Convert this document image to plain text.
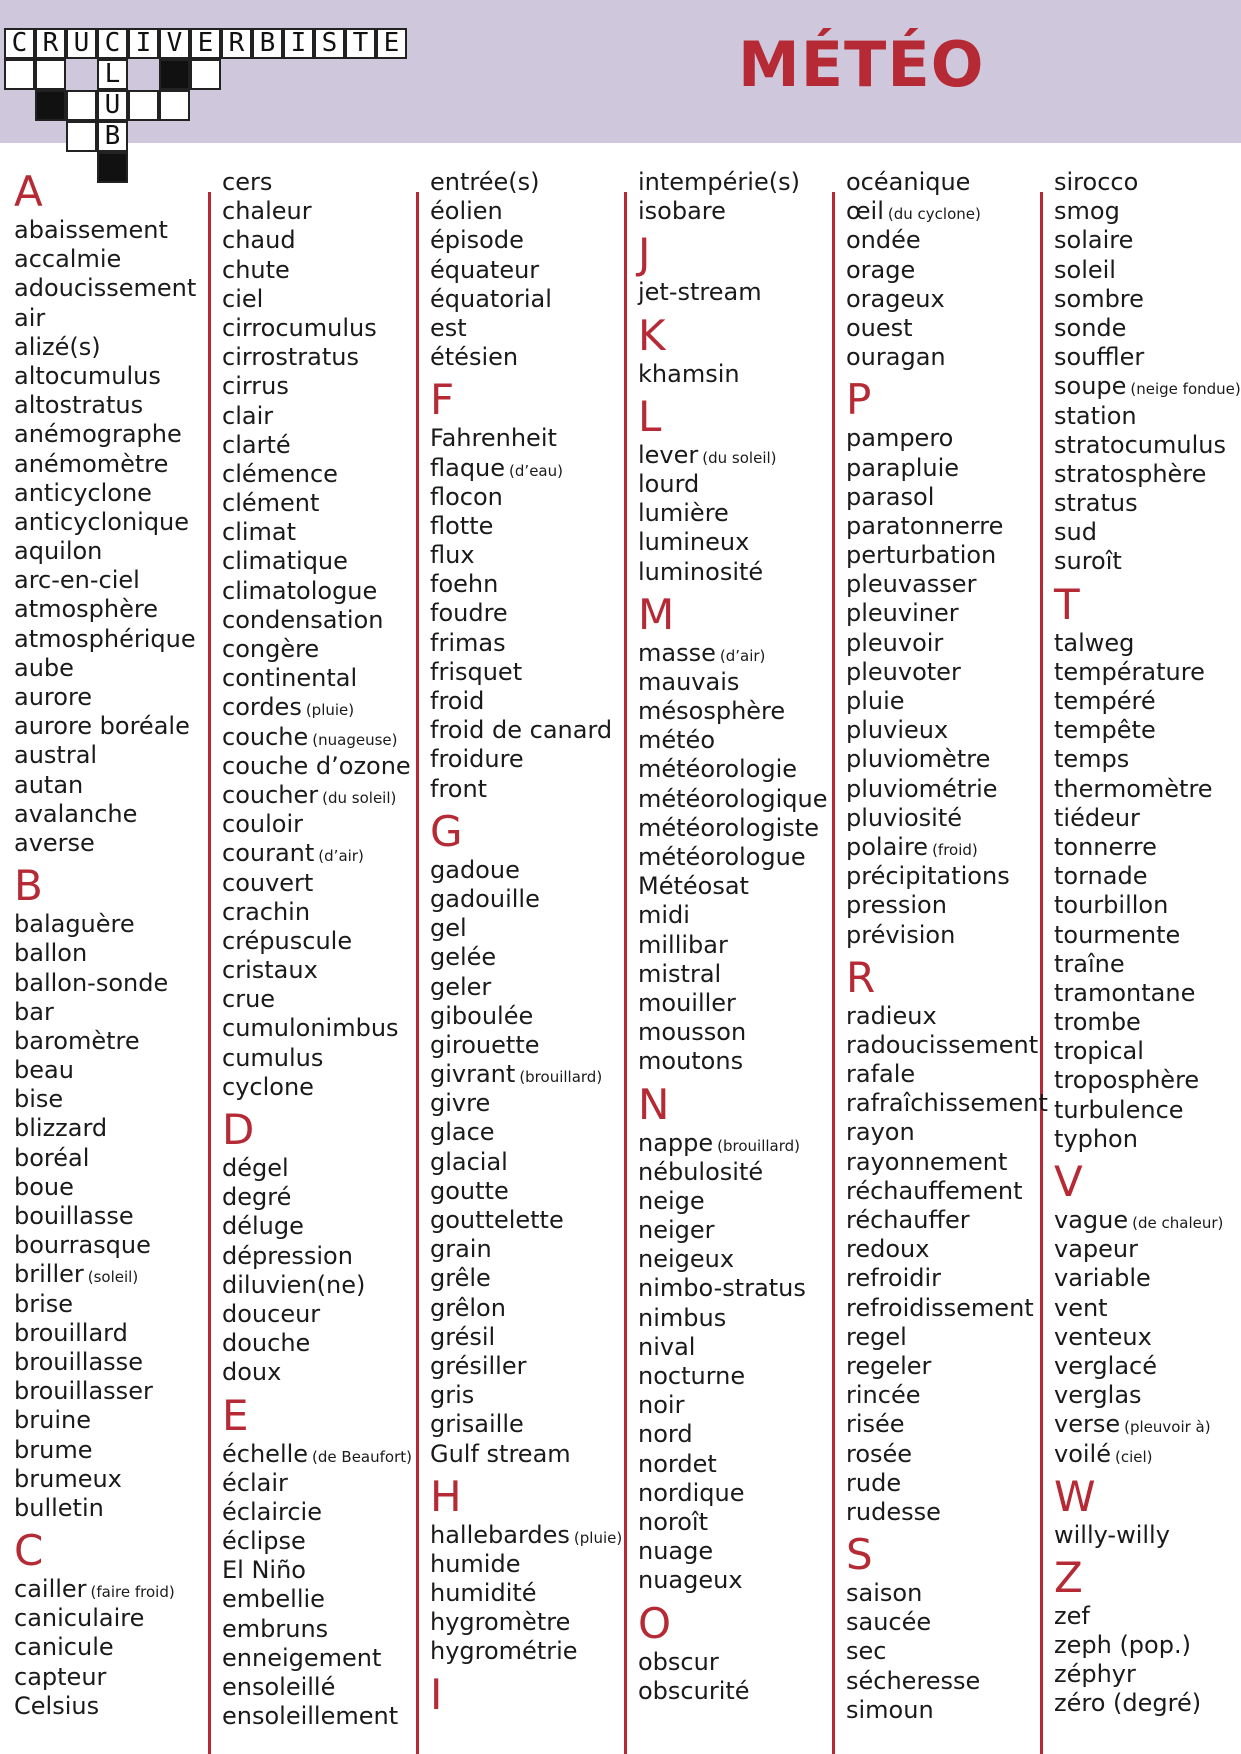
C R U C I V E R B I S T E
L
U
B
MÉTÉO
A
abaissement
accalmie
adoucissement
air
alizé(s)
altocumulus
altostratus
anémographe
anémomètre
anticyclone
anticyclonique
aquilon
arc-en-ciel
atmosphère
atmosphérique
aube
aurore
aurore boréale
austral
autan
avalanche
averse
B
balaguère
ballon
ballon-sonde
bar
baromètre
beau
bise
blizzard
boréal
boue
bouillasse
bourrasque
briller (soleil)
brise
brouillard
brouillasse
brouillasser
bruine
brume
brumeux
bulletin
C
cailler (faire froid)
caniculaire
canicule
capteur
Celsius
cers
chaleur
chaud
chute
ciel
cirrocumulus
cirrostratus
cirrus
clair
clarté
clémence
clément
climat
climatique
climatologue
condensation
congère
continental
cordes (pluie)
couche (nuageuse)
couche d’ozone
coucher (du soleil)
couloir
courant (d’air)
couvert
crachin
crépuscule
cristaux
crue
cumulonimbus
cumulus
cyclone
D
dégel
degré
déluge
dépression
diluvien(ne)
douceur
douche
doux
E
échelle (de Beaufort)
éclair
éclaircie
éclipse
El Niño
embellie
embruns
enneigement
ensoleillé
ensoleillement
entrée(s)
éolien
épisode
équateur
équatorial
est
étésien
F
Fahrenheit
flaque (d’eau)
flocon
flotte
flux
foehn
foudre
frimas
frisquet
froid
froid de canard
froidure
front
G
gadoue
gadouille
gel
gelée
geler
giboulée
girouette
givrant (brouillard)
givre
glace
glacial
goutte
gouttelette
grain
grêle
grêlon
grésil
grésiller
gris
grisaille
Gulf stream
H
hallebardes (pluie)
humide
humidité
hygromètre
hygrométrie
I
intempérie(s)
isobare
J
jet-stream
K
khamsin
L
lever (du soleil)
lourd
lumière
lumineux
luminosité
M
masse (d’air)
mauvais
mésosphère
météo
météorologie
météorologique
météorologiste
météorologue
Météosat
midi
millibar
mistral
mouiller
mousson
moutons
N
nappe (brouillard)
nébulosité
neige
neiger
neigeux
nimbo-stratus
nimbus
nival
nocturne
noir
nord
nordet
nordique
noroît
nuage
nuageux
O
obscur
obscurité
océanique
œil (du cyclone)
ondée
orage
orageux
ouest
ouragan
P
pampero
parapluie
parasol
paratonnerre
perturbation
pleuvasser
pleuviner
pleuvoir
pleuvoter
pluie
pluvieux
pluviomètre
pluviométrie
pluviosité
polaire (froid)
précipitations
pression
prévision
R
radieux
radoucissement
rafale
rafraîchissement
rayon
rayonnement
réchauffement
réchauffer
redoux
refroidir
refroidissement
regel
regeler
rincée
risée
rosée
rude
rudesse
S
saison
saucée
sec
sécheresse
simoun
sirocco
smog
solaire
soleil
sombre
sonde
souffler
soupe (neige fondue)
station
stratocumulus
stratosphère
stratus
sud
suroît
T
talweg
température
tempéré
tempête
temps
thermomètre
tiédeur
tonnerre
tornade
tourbillon
tourmente
traîne
tramontane
trombe
tropical
troposphère
turbulence
typhon
V
vague (de chaleur)
vapeur
variable
vent
venteux
verglacé
verglas
verse (pleuvoir à)
voilé (ciel)
W
willy-willy
Z
zef
zeph (pop.)
zéphyr
zéro (degré)
